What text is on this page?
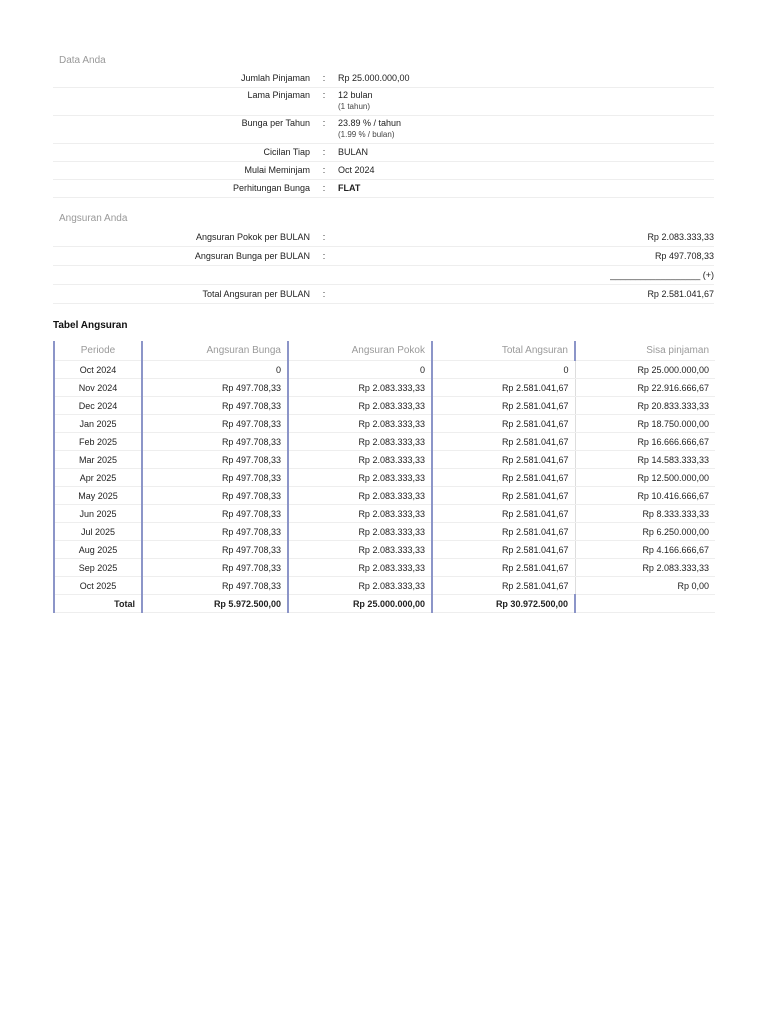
Data Anda
Jumlah Pinjaman	:	Rp 25.000.000,00
Lama Pinjaman	:	12 bulan
(1 tahun)
Bunga per Tahun	:	23.89 % / tahun
(1.99 % / bulan)
Cicilan Tiap	:	BULAN
Mulai Meminjam	:	Oct 2024
Perhitungan Bunga	:	FLAT
Angsuran Anda
Angsuran Pokok per BULAN	:	Rp 2.083.333,33
Angsuran Bunga per BULAN	:	Rp 497.708,33
__________________ (+)
Total Angsuran per BULAN	:	Rp 2.581.041,67
Tabel Angsuran
Periode	Angsuran Bunga	Angsuran Pokok	Total Angsuran	Sisa pinjaman
Oct 2024	0	0	0	Rp 25.000.000,00
Nov 2024	Rp 497.708,33	Rp 2.083.333,33	Rp 2.581.041,67	Rp 22.916.666,67
Dec 2024	Rp 497.708,33	Rp 2.083.333,33	Rp 2.581.041,67	Rp 20.833.333,33
Jan 2025	Rp 497.708,33	Rp 2.083.333,33	Rp 2.581.041,67	Rp 18.750.000,00
Feb 2025	Rp 497.708,33	Rp 2.083.333,33	Rp 2.581.041,67	Rp 16.666.666,67
Mar 2025	Rp 497.708,33	Rp 2.083.333,33	Rp 2.581.041,67	Rp 14.583.333,33
Apr 2025	Rp 497.708,33	Rp 2.083.333,33	Rp 2.581.041,67	Rp 12.500.000,00
May 2025	Rp 497.708,33	Rp 2.083.333,33	Rp 2.581.041,67	Rp 10.416.666,67
Jun 2025	Rp 497.708,33	Rp 2.083.333,33	Rp 2.581.041,67	Rp 8.333.333,33
Jul 2025	Rp 497.708,33	Rp 2.083.333,33	Rp 2.581.041,67	Rp 6.250.000,00
Aug 2025	Rp 497.708,33	Rp 2.083.333,33	Rp 2.581.041,67	Rp 4.166.666,67
Sep 2025	Rp 497.708,33	Rp 2.083.333,33	Rp 2.581.041,67	Rp 2.083.333,33
Oct 2025	Rp 497.708,33	Rp 2.083.333,33	Rp 2.581.041,67	Rp 0,00
Total	Rp 5.972.500,00	Rp 25.000.000,00	Rp 30.972.500,00	
